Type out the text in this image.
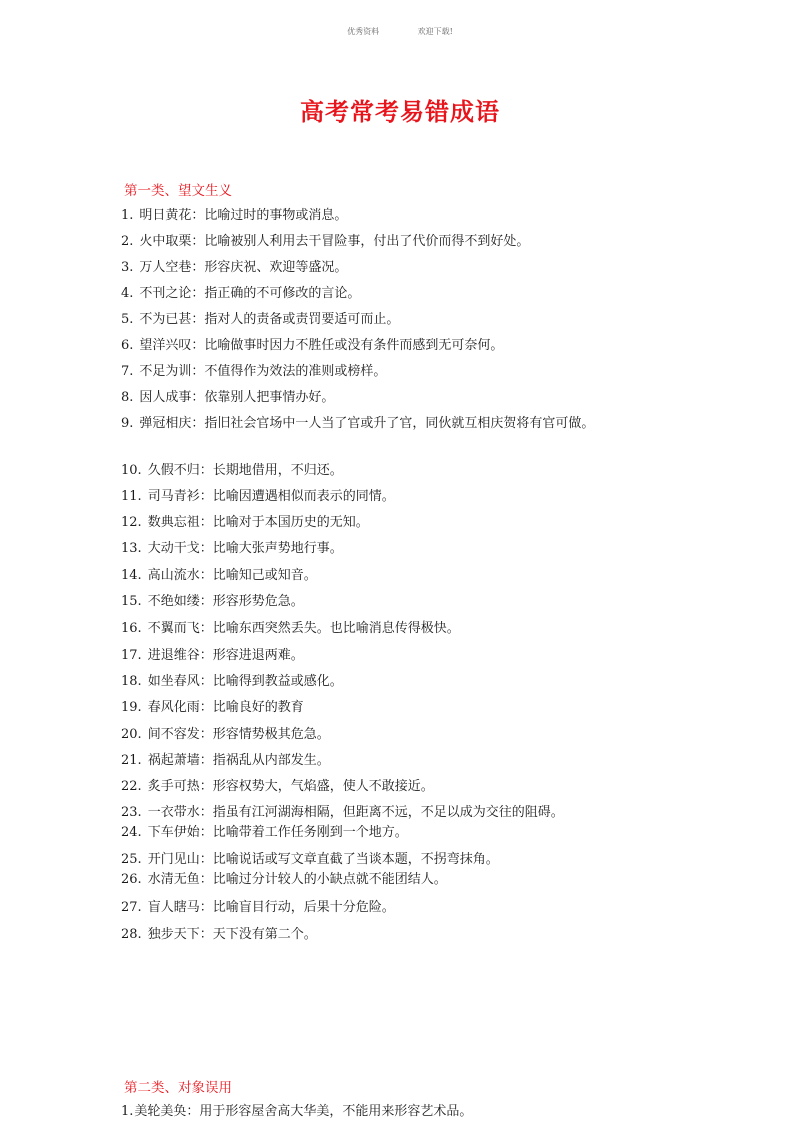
优秀资料	欢迎下载!
高考常考易错成语
第一类、望文生义
1. 明日黄花：比喻过时的事物或消息。
2. 火中取栗：比喻被别人利用去干冒险事，付出了代价而得不到好处。
3. 万人空巷：形容庆祝、欢迎等盛况。
4. 不刊之论：指正确的不可修改的言论。
5. 不为已甚：指对人的责备或责罚要适可而止。
6. 望洋兴叹：比喻做事时因力不胜任或没有条件而感到无可奈何。
7. 不足为训：不值得作为效法的准则或榜样。
8. 因人成事：依靠别人把事情办好。
9. 弹冠相庆：指旧社会官场中一人当了官或升了官，同伙就互相庆贺将有官可做。
10. 久假不归：长期地借用，不归还。
11. 司马青衫：比喻因遭遇相似而表示的同情。
12. 数典忘祖：比喻对于本国历史的无知。
13. 大动干戈：比喻大张声势地行事。
14. 高山流水：比喻知己或知音。
15. 不绝如缕：形容形势危急。
16. 不翼而飞：比喻东西突然丢失。也比喻消息传得极快。
17. 进退维谷：形容进退两难。
18. 如坐春风：比喻得到教益或感化。
19. 春风化雨：比喻良好的教育
20. 间不容发：形容情势极其危急。
21. 祸起萧墙：指祸乱从内部发生。
22. 炙手可热：形容权势大，气焰盛，使人不敢接近。
23. 一衣带水：指虽有江河湖海相隔，但距离不远，不足以成为交往的阻碍。
24. 下车伊始：比喻带着工作任务刚到一个地方。
25. 开门见山：比喻说话或写文章直截了当谈本题，不拐弯抹角。
26. 水清无鱼：比喻过分计较人的小缺点就不能团结人。
27. 盲人瞎马：比喻盲目行动，后果十分危险。
28. 独步天下：天下没有第二个。
第二类、对象误用
1.美轮美奂：用于形容屋舍高大华美，不能用来形容艺术品。
